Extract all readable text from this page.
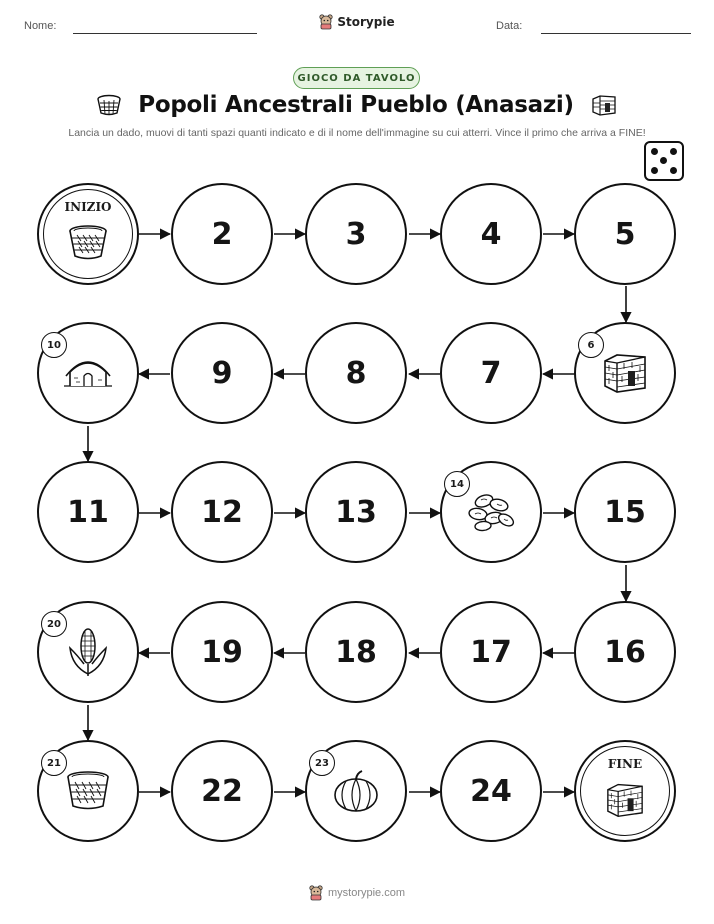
Nome:	Storypie	Data:
GIOCO DA TAVOLO
Popoli Ancestrali Pueblo (Anasazi)
Lancia un dado, muovi di tanti spazi quanti indicato e di il nome dell'immagine su cui atterri. Vince il primo che arriva a FINE!
INIZIO
2	3	4	5
10
9	8	7
6
11	12	13
14
15
20
19	18	17	16
21
22
23
24
FINE
mystorypie.com
